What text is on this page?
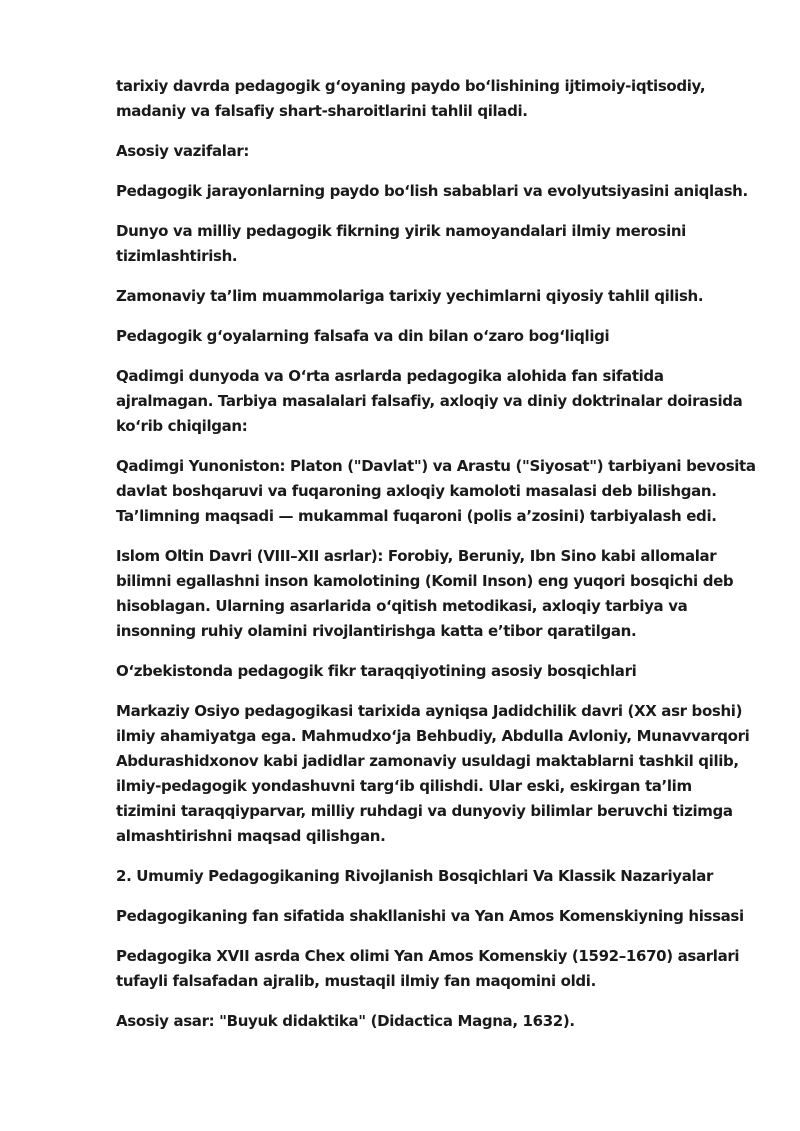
tarixiy davrda pedagogik g‘oyaning paydo bo‘lishining ijtimoiy-iqtisodiy, madaniy va falsafiy shart-sharoitlarini tahlil qiladi.

Asosiy vazifalar:

Pedagogik jarayonlarning paydo bo‘lish sabablari va evolyutsiyasini aniqlash.

Dunyo va milliy pedagogik fikrning yirik namoyandalari ilmiy merosini tizimlashtirish.

Zamonaviy ta’lim muammolariga tarixiy yechimlarni qiyosiy tahlil qilish.

Pedagogik g‘oyalarning falsafa va din bilan o‘zaro bog‘liqligi

Qadimgi dunyoda va O‘rta asrlarda pedagogika alohida fan sifatida ajralmagan. Tarbiya masalalari falsafiy, axloqiy va diniy doktrinalar doirasida ko‘rib chiqilgan:

Qadimgi Yunoniston: Platon ("Davlat") va Arastu ("Siyosat") tarbiyani bevosita davlat boshqaruvi va fuqaroning axloqiy kamoloti masalasi deb bilishgan. Ta’limning maqsadi — mukammal fuqaroni (polis a’zosini) tarbiyalash edi.

Islom Oltin Davri (VIII–XII asrlar): Forobiy, Beruniy, Ibn Sino kabi allomalar bilimni egallashni inson kamolotining (Komil Inson) eng yuqori bosqichi deb hisoblagan. Ularning asarlarida o‘qitish metodikasi, axloqiy tarbiya va insonning ruhiy olamini rivojlantirishga katta e’tibor qaratilgan.

O‘zbekistonda pedagogik fikr taraqqiyotining asosiy bosqichlari

Markaziy Osiyo pedagogikasi tarixida ayniqsa Jadidchilik davri (XX asr boshi) ilmiy ahamiyatga ega. Mahmudxo‘ja Behbudiy, Abdulla Avloniy, Munavvarqori Abdurashidxonov kabi jadidlar zamonaviy usuldagi maktablarni tashkil qilib, ilmiy-pedagogik yondashuvni targ‘ib qilishdi. Ular eski, eskirgan ta’lim tizimini taraqqiyparvar, milliy ruhdagi va dunyoviy bilimlar beruvchi tizimga almashtirishni maqsad qilishgan.

2. Umumiy Pedagogikaning Rivojlanish Bosqichlari Va Klassik Nazariyalar

Pedagogikaning fan sifatida shakllanishi va Yan Amos Komenskiyning hissasi

Pedagogika XVII asrda Chex olimi Yan Amos Komenskiy (1592–1670) asarlari tufayli falsafadan ajralib, mustaqil ilmiy fan maqomini oldi.

Asosiy asar: "Buyuk didaktika" (Didactica Magna, 1632).
